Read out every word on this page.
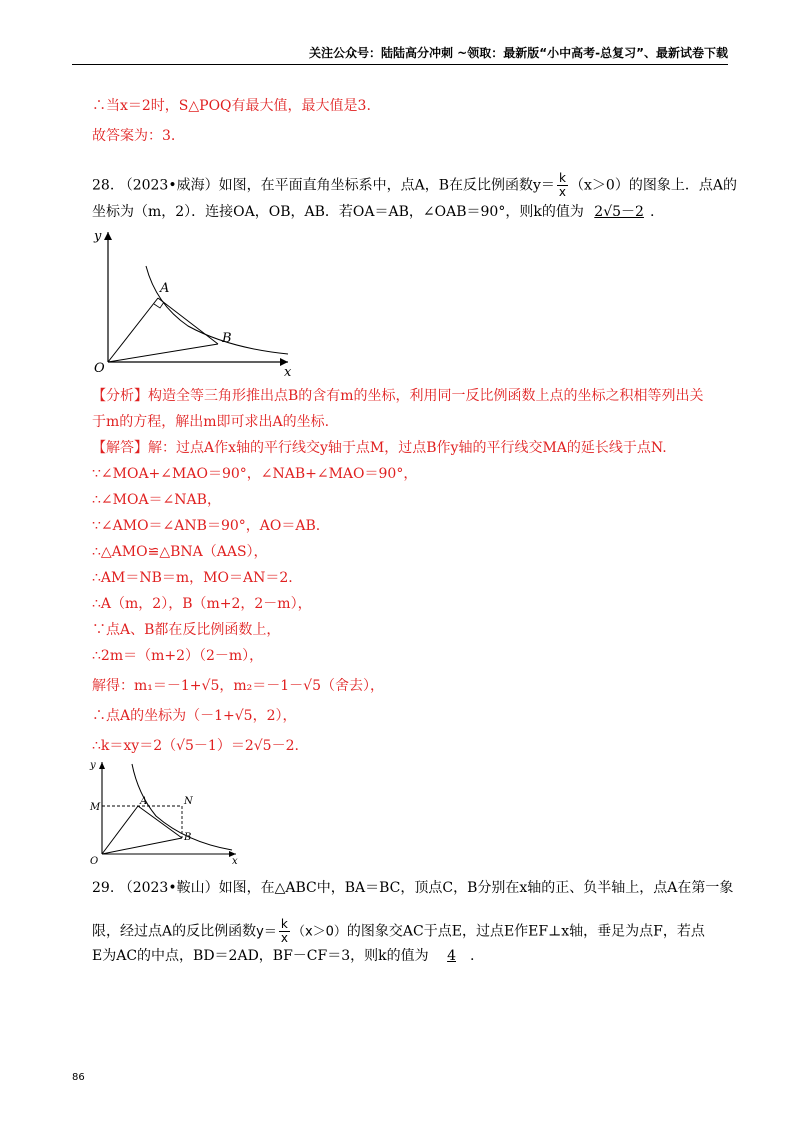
关注公众号：陆陆高分冲刺 ~领取：最新版“小中高考-总复习”、最新试卷下载
∴当x＝2时，S△POQ有最大值，最大值是3.
故答案为：3.
28. （2023•威海）如图，在平面直角坐标系中，点A，B在反比例函数$y= \frac{k}{x} (x>0)$的图象上．点A的
坐标为（m，2）．连接OA，OB，AB．若OA＝AB，∠OAB＝90°，则k的值为 2√5－2 .
y
x
O
A
B
【分析】构造全等三角形推出点B的含有m的坐标，利用同一反比例函数上点的坐标之积相等列出关
于m的方程，解出m即可求出A的坐标.
【解答】解：过点A作x轴的平行线交y轴于点M，过点B作y轴的平行线交MA的延长线于点N.
∵∠MOA+∠MAO＝90°，∠NAB+∠MAO＝90°，
∴∠MOA＝∠NAB，
∵∠AMO＝∠ANB＝90°，AO＝AB.
∴△AMO≌△BNA（AAS），
∴AM＝NB＝m，MO＝AN＝2.
∴A（m，2），B（m+2，2－m），
∵点A、B都在反比例函数上，
∴2m＝（m+2）（2－m），
解得：m₁＝－1+√5，m₂＝－1－√5（舍去），
∴点A的坐标为（－1+√5，2），
∴k＝xy＝2（√5－1）＝2√5－2.
y
x
O
M
A	N
B
29. （2023•鞍山）如图，在△ABC中，BA＝BC，顶点C，B分别在x轴的正、负半轴上，点A在第一象
限，经过点A的反比例函数$y= \frac{k}{x} (x>0)$的图象交AC于点E，过点E作EF⊥x轴，垂足为点F，若点
E为AC的中点，BD＝2AD，BF－CF＝3，则k的值为 4 .
86
